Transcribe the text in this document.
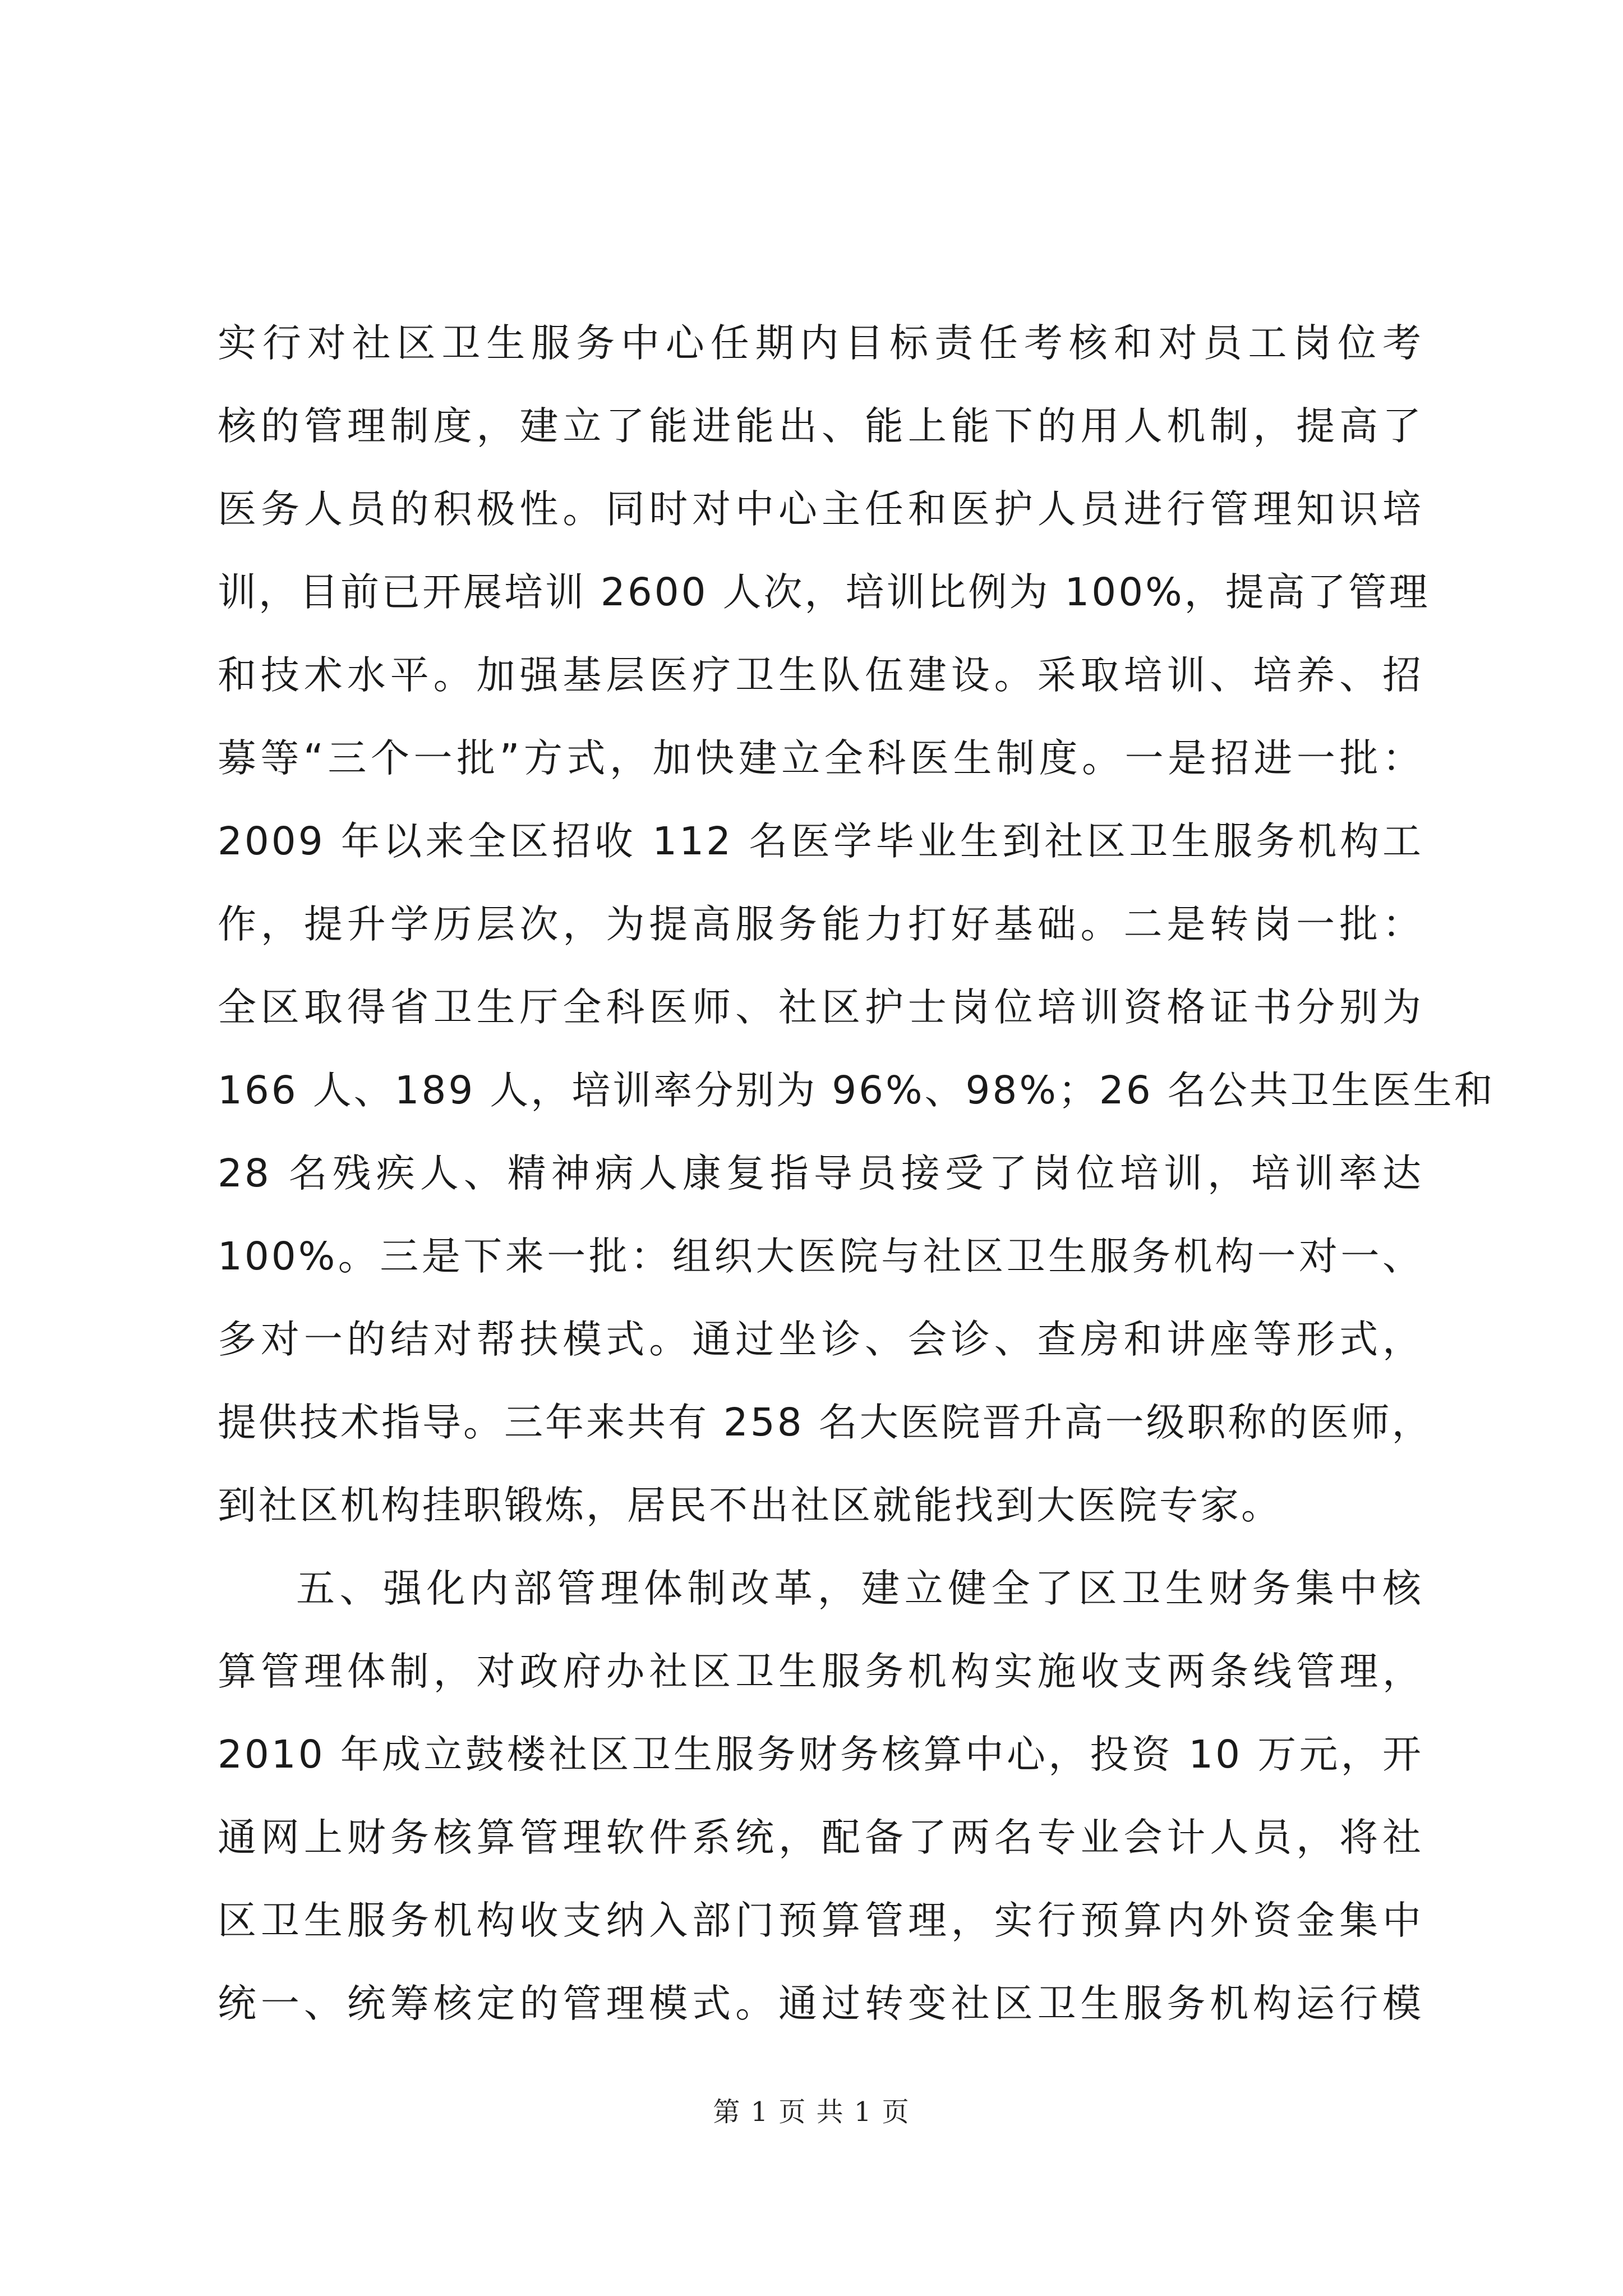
实行对社区卫生服务中心任期内目标责任考核和对员工岗位考
核的管理制度，建立了能进能出、能上能下的用人机制，提高了
医务人员的积极性。同时对中心主任和医护人员进行管理知识培
训，目前已开展培训 2600 人次，培训比例为 100%，提高了管理
和技术水平。加强基层医疗卫生队伍建设。采取培训、培养、招
募等“三个一批”方式，加快建立全科医生制度。一是招进一批：
2009 年以来全区招收 112 名医学毕业生到社区卫生服务机构工
作，提升学历层次，为提高服务能力打好基础。二是转岗一批：
全区取得省卫生厅全科医师、社区护士岗位培训资格证书分别为
166 人、189 人，培训率分别为 96%、98%；26 名公共卫生医生和
28 名残疾人、精神病人康复指导员接受了岗位培训，培训率达
100%。三是下来一批：组织大医院与社区卫生服务机构一对一、
多对一的结对帮扶模式。通过坐诊、会诊、查房和讲座等形式，
提供技术指导。三年来共有 258 名大医院晋升高一级职称的医师，
到社区机构挂职锻炼，居民不出社区就能找到大医院专家。
五、强化内部管理体制改革，建立健全了区卫生财务集中核
算管理体制，对政府办社区卫生服务机构实施收支两条线管理，
2010 年成立鼓楼社区卫生服务财务核算中心，投资 10 万元，开
通网上财务核算管理软件系统，配备了两名专业会计人员，将社
区卫生服务机构收支纳入部门预算管理，实行预算内外资金集中
统一、统筹核定的管理模式。通过转变社区卫生服务机构运行模
第 1 页 共 1 页
